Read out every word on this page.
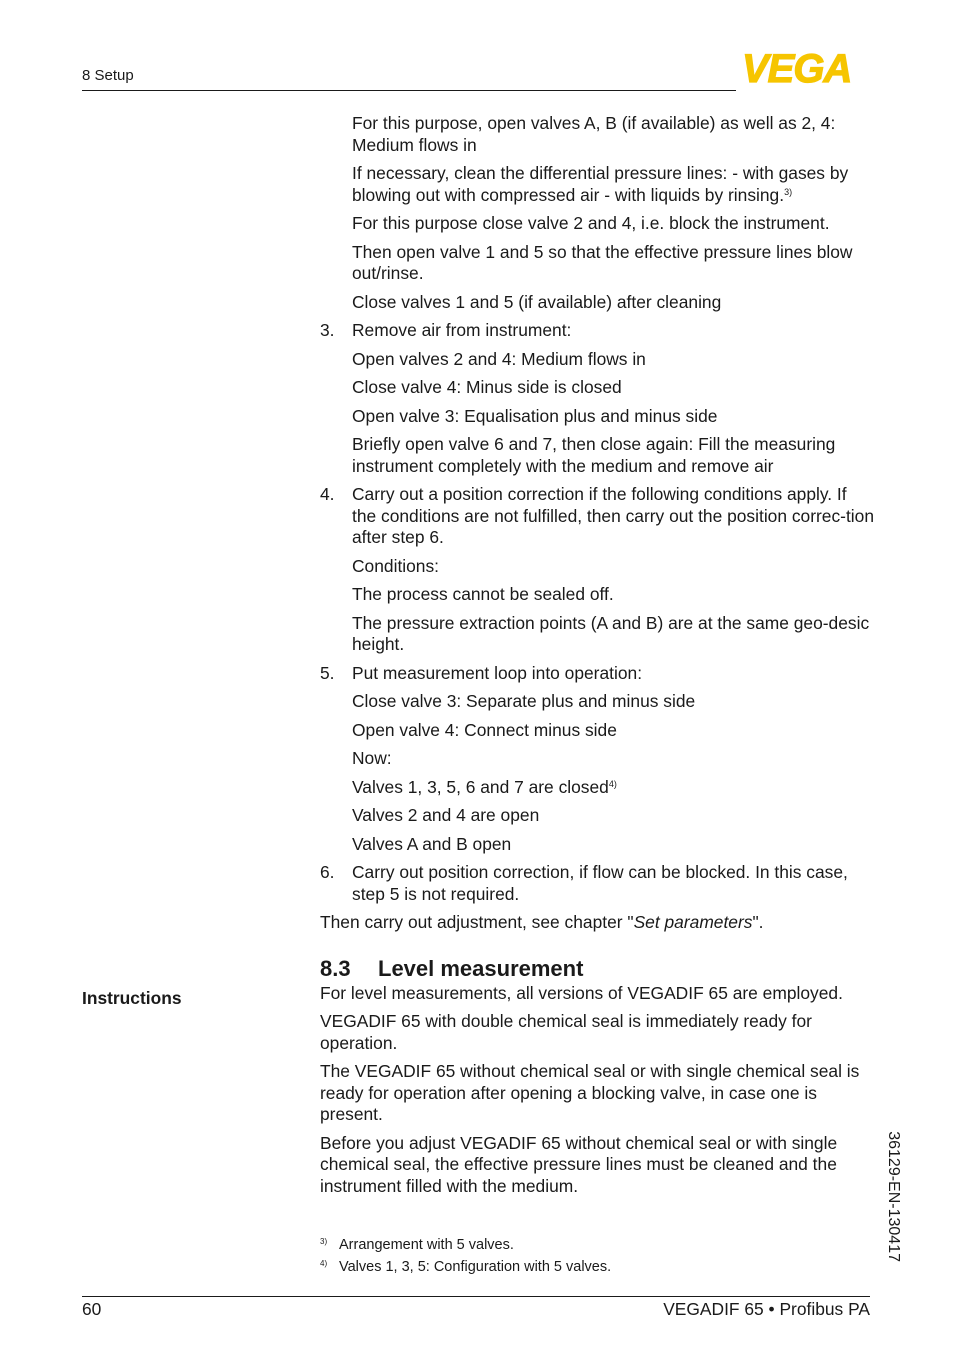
8 Setup	VEGA

For this purpose, open valves A, B (if available) as well as 2, 4: Medium flows in

If necessary, clean the differential pressure lines: - with gases by blowing out with compressed air - with liquids by rinsing.$^{3)}$

For this purpose close valve 2 and 4, i.e. block the instrument.

Then open valve 1 and 5 so that the effective pressure lines blow out/rinse.

Close valves 1 and 5 (if available) after cleaning

3.	Remove air from instrument:

Open valves 2 and 4: Medium flows in

Close valve 4: Minus side is closed

Open valve 3: Equalisation plus and minus side

Briefly open valve 6 and 7, then close again: Fill the measuring instrument completely with the medium and remove air

4.	Carry out a position correction if the following conditions apply. If the conditions are not fulfilled, then carry out the position correc-tion after step 6.

Conditions:

The process cannot be sealed off.

The pressure extraction points (A and B) are at the same geo-desic height.

5.	Put measurement loop into operation:

Close valve 3: Separate plus and minus side

Open valve 4: Connect minus side

Now:

Valves 1, 3, 5, 6 and 7 are closed$^{4)}$

Valves 2 and 4 are open

Valves A and B open

6.	Carry out position correction, if flow can be blocked. In this case, step 5 is not required.

Then carry out adjustment, see chapter "Set parameters".

8.3 Level measurement

For level measurements, all versions of VEGADIF 65 are employed.

VEGADIF 65 with double chemical seal is immediately ready for operation.

The VEGADIF 65 without chemical seal or with single chemical seal is ready for operation after opening a blocking valve, in case one is present.

Before you adjust VEGADIF 65 without chemical seal or with single chemical seal, the effective pressure lines must be cleaned and the instrument filled with the medium.

Instructions
$^{3)}$ Arrangement with 5 valves.
$^{4)}$ Valves 1, 3, 5: Configuration with 5 valves.
60	VEGADIF 65 • Profibus PA
36129-EN-130417
